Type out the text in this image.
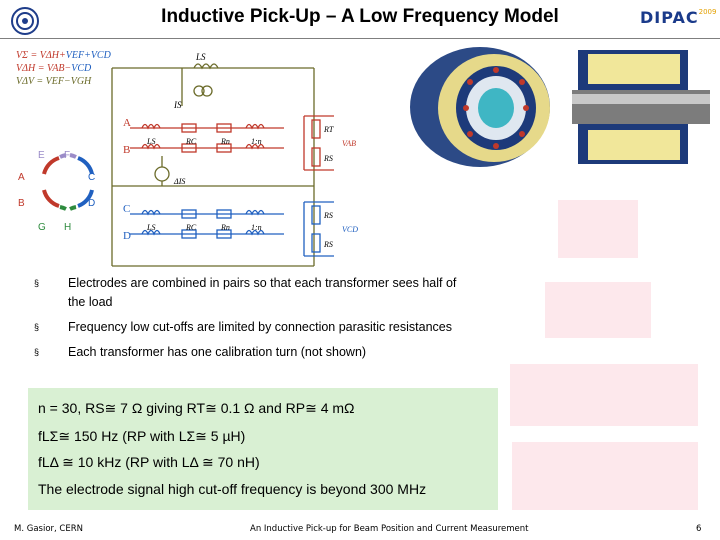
$DIPAC^{2009}$
Inductive Pick-Up – A Low Frequency Model
VΣ = VΔH+VEF+VCD
VΔH = VAB−VCD
VΔV = VEF−VGH
LS
IS
A
B
LS	RC	Rn	1:n
RT
RS
VAB
ΔIS
C
D
LS	RC	Rn	1:n
RS
RS
VCD
E F
A	C
B	D
G H
§ Electrodes are combined in pairs so that each transformer sees half of the load
§ Frequency low cut-offs are limited by connection parasitic resistances
§ Each transformer has one calibration turn (not shown)
n = 30, RS≅ 7 Ω giving RT≅ 0.1 Ω and RP≅ 4 mΩ
fLΣ≅ 150 Hz (RP with LΣ≅ 5 µH)
fLΔ ≅ 10 kHz (RP with LΔ ≅ 70 nH)
The electrode signal high cut-off frequency is beyond 300 MHz
M. Gasior, CERN	An Inductive Pick-up for Beam Position and Current Measurement	6
